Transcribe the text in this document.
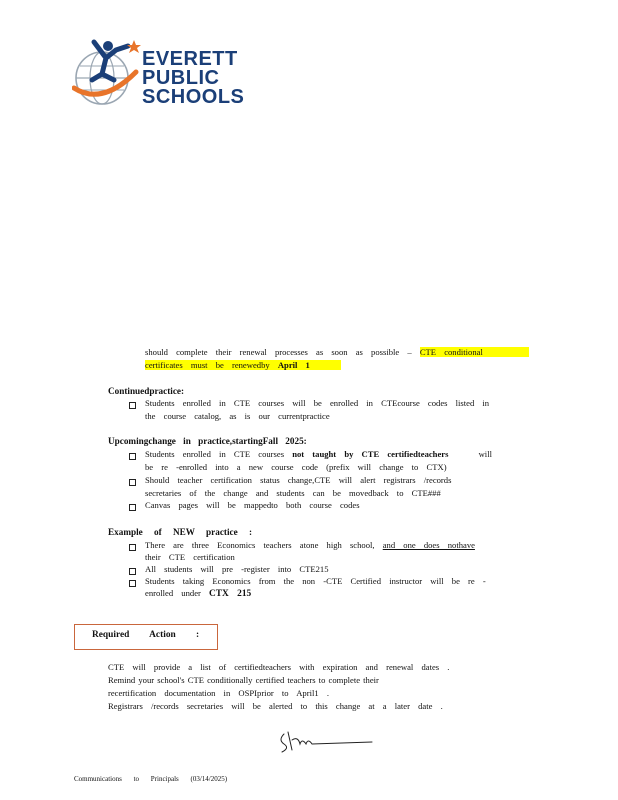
EVERETT
PUBLIC
SCHOOLS
should complete their renewal processes as soon as possible – CTE conditional
certificates must be renewedby April 1
Continuedpractice:
Students enrolled in CTE courses will be enrolled in CTEcourse codes listed in
the course catalog, as is our currentpractice
Upcomingchange in practice,startingFall 2025:
Students enrolled in CTE courses not taught by CTE certifiedteachers	will
be re -enrolled into a new course code (prefix will change to CTX)
Should teacher certification status change,CTE will alert registrars /records
secretaries of the change and students can be movedback to CTE###
Canvas pages will be mappedto both course codes
Example of NEW practice :
There are three Economics teachers atone high school, and one does nothave
their CTE certification
All students will pre -register into CTE215
Students taking Economics from the non -CTE Certified instructor will be re -
enrolled under CTX 215
Required Action :
CTE will provide a list of certifiedteachers with expiration and renewal dates .
Remind your school's CTE conditionally certified teachers to complete their
recertification documentation in OSPIprior to April1 .
Registrars /records secretaries will be alerted to this change at a later date .
Communications to Principals (03/14/2025)
